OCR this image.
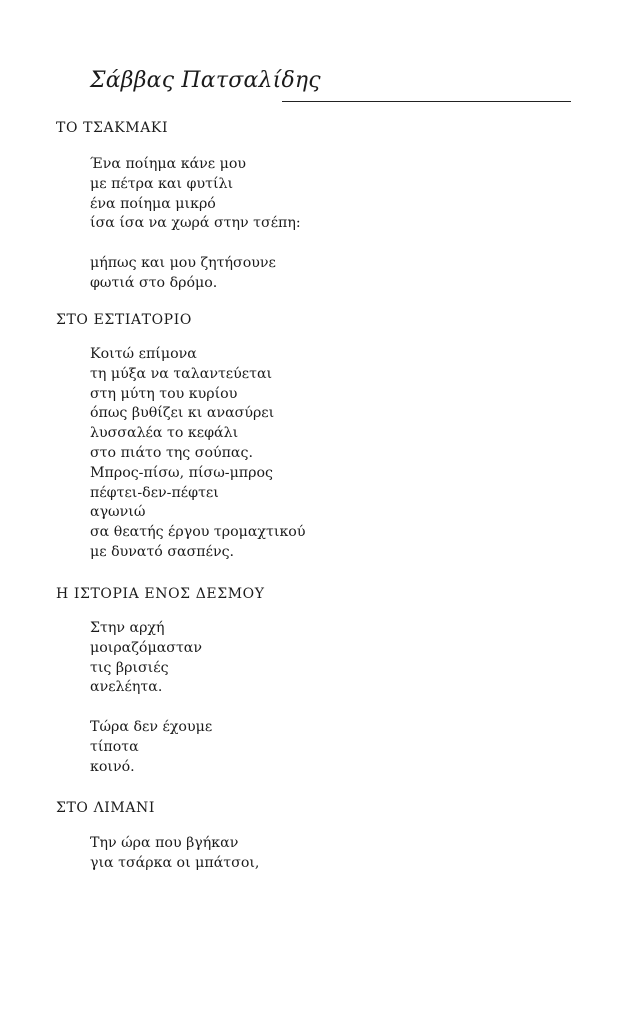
Σάββας Πατσαλίδης
ΤΟ ΤΣΑΚΜΑΚΙ
Ένα ποίημα κάνε μου
με πέτρα και φυτίλι
ένα ποίημα μικρό
ίσα ίσα να χωρά στην τσέπη:
μήπως και μου ζητήσουνε
φωτιά στο δρόμο.
ΣΤΟ ΕΣΤΙΑΤΟΡΙΟ
Κοιτώ επίμονα
τη μύξα να ταλαντεύεται
στη μύτη του κυρίου
όπως βυθίζει κι ανασύρει
λυσσαλέα το κεφάλι
στο πιάτο της σούπας.
Μπρος-πίσω, πίσω-μπρος
πέφτει-δεν-πέφτει
αγωνιώ
σα θεατής έργου τρομαχτικού
με δυνατό σασπένς.
Η ΙΣΤΟΡΙΑ ΕΝΟΣ ΔΕΣΜΟΥ
Στην αρχή
μοιραζόμασταν
τις βρισιές
ανελέητα.
Τώρα δεν έχουμε
τίποτα
κοινό.
ΣΤΟ ΛΙΜΑΝΙ
Την ώρα που βγήκαν
για τσάρκα οι μπάτσοι,
